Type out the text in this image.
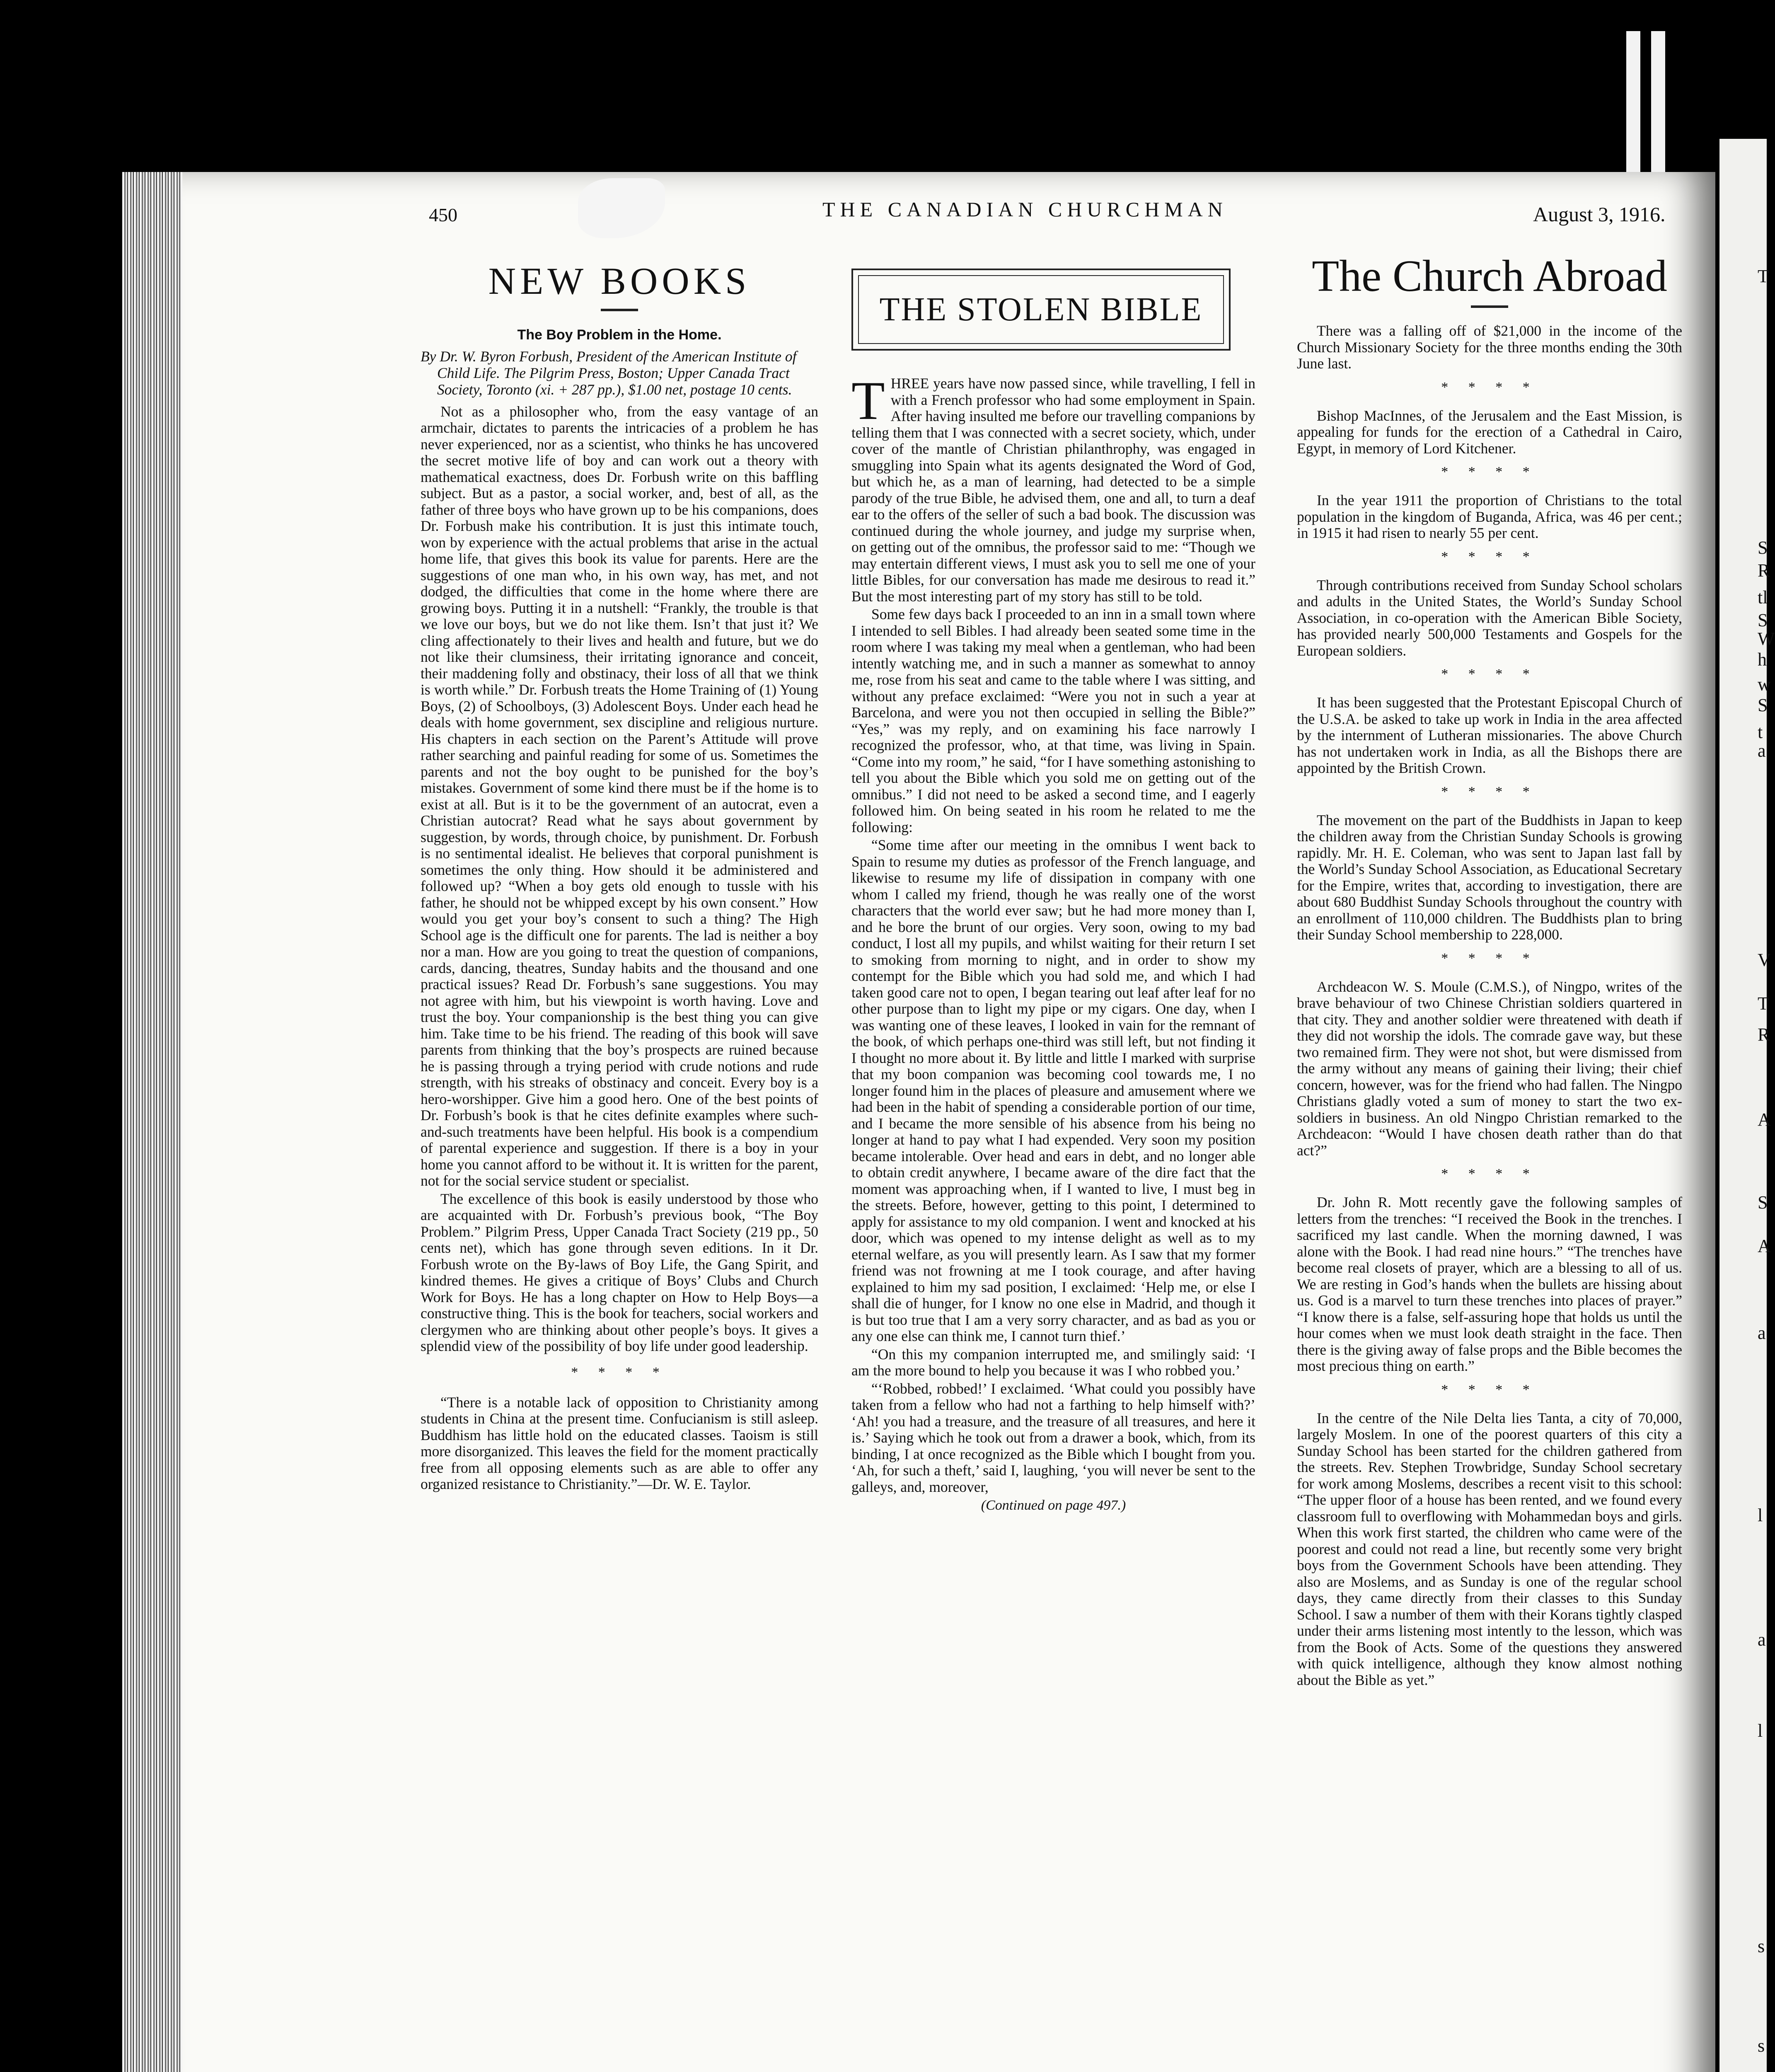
T
S
R
tl
S
W
h
w
S
t
a
V
T
R
A
S
A
a
l
a
l
s
s
450	THE CANADIAN CHURCHMAN	August 3, 1916.
NEW BOOKS
The Boy Problem in the Home.

By Dr. W. Byron Forbush, President of the American Institute of Child Life. The Pilgrim Press, Boston; Upper Canada Tract Society, Toronto (xi. + 287 pp.), $1.00 net, postage 10 cents.

Not as a philosopher who, from the easy vantage of an armchair, dictates to parents the intricacies of a problem he has never experienced, nor as a scientist, who thinks he has uncovered the secret motive life of boy and can work out a theory with mathematical exactness, does Dr. Forbush write on this baffling subject. But as a pastor, a social worker, and, best of all, as the father of three boys who have grown up to be his companions, does Dr. Forbush make his contribution. It is just this intimate touch, won by experience with the actual problems that arise in the actual home life, that gives this book its value for parents. Here are the suggestions of one man who, in his own way, has met, and not dodged, the difficulties that come in the home where there are growing boys. Putting it in a nutshell: “Frankly, the trouble is that we love our boys, but we do not like them. Isn’t that just it? We cling affectionately to their lives and health and future, but we do not like their clumsiness, their irritating ignorance and conceit, their maddening folly and obstinacy, their loss of all that we think is worth while.” Dr. Forbush treats the Home Training of (1) Young Boys, (2) of Schoolboys, (3) Adolescent Boys. Under each head he deals with home government, sex discipline and religious nurture. His chapters in each section on the Parent’s Attitude will prove rather searching and painful reading for some of us. Sometimes the parents and not the boy ought to be punished for the boy’s mistakes. Government of some kind there must be if the home is to exist at all. But is it to be the government of an autocrat, even a Christian autocrat? Read what he says about government by suggestion, by words, through choice, by punishment. Dr. Forbush is no sentimental idealist. He believes that corporal punishment is sometimes the only thing. How should it be administered and followed up? “When a boy gets old enough to tussle with his father, he should not be whipped except by his own consent.” How would you get your boy’s consent to such a thing? The High School age is the difficult one for parents. The lad is neither a boy nor a man. How are you going to treat the question of companions, cards, dancing, theatres, Sunday habits and the thousand and one practical issues? Read Dr. Forbush’s sane suggestions. You may not agree with him, but his viewpoint is worth having. Love and trust the boy. Your companionship is the best thing you can give him. Take time to be his friend. The reading of this book will save parents from thinking that the boy’s prospects are ruined because he is passing through a trying period with crude notions and rude strength, with his streaks of obstinacy and conceit. Every boy is a hero-worshipper. Give him a good hero. One of the best points of Dr. Forbush’s book is that he cites definite examples where such-and-such treatments have been helpful. His book is a compendium of parental experience and suggestion. If there is a boy in your home you cannot afford to be without it. It is written for the parent, not for the social service student or specialist.

The excellence of this book is easily understood by those who are acquainted with Dr. Forbush’s previous book, “The Boy Problem.” Pilgrim Press, Upper Canada Tract Society (219 pp., 50 cents net), which has gone through seven editions. In it Dr. Forbush wrote on the By-laws of Boy Life, the Gang Spirit, and kindred themes. He gives a critique of Boys’ Clubs and Church Work for Boys. He has a long chapter on How to Help Boys—a constructive thing. This is the book for teachers, social workers and clergymen who are thinking about other people’s boys. It gives a splendid view of the possibility of boy life under good leadership.

* * * *

“There is a notable lack of opposition to Christianity among students in China at the present time. Confucianism is still asleep. Buddhism has little hold on the educated classes. Taoism is still more disorganized. This leaves the field for the moment practically free from all opposing elements such as are able to offer any organized resistance to Christianity.”—Dr. W. E. Taylor.

THE STOLEN BIBLE

THREE years have now passed since, while travelling, I fell in with a French professor who had some employment in Spain. After having insulted me before our travelling companions by telling them that I was connected with a secret society, which, under cover of the mantle of Christian philanthrophy, was engaged in smuggling into Spain what its agents designated the Word of God, but which he, as a man of learning, had detected to be a simple parody of the true Bible, he advised them, one and all, to turn a deaf ear to the offers of the seller of such a bad book. The discussion was continued during the whole journey, and judge my surprise when, on getting out of the omnibus, the professor said to me: “Though we may entertain different views, I must ask you to sell me one of your little Bibles, for our conversation has made me desirous to read it.” But the most interesting part of my story has still to be told.

Some few days back I proceeded to an inn in a small town where I intended to sell Bibles. I had already been seated some time in the room where I was taking my meal when a gentleman, who had been intently watching me, and in such a manner as somewhat to annoy me, rose from his seat and came to the table where I was sitting, and without any preface exclaimed: “Were you not in such a year at Barcelona, and were you not then occupied in selling the Bible?” “Yes,” was my reply, and on examining his face narrowly I recognized the professor, who, at that time, was living in Spain. “Come into my room,” he said, “for I have something astonishing to tell you about the Bible which you sold me on getting out of the omnibus.” I did not need to be asked a second time, and I eagerly followed him. On being seated in his room he related to me the following:

“Some time after our meeting in the omnibus I went back to Spain to resume my duties as professor of the French language, and likewise to resume my life of dissipation in company with one whom I called my friend, though he was really one of the worst characters that the world ever saw; but he had more money than I, and he bore the brunt of our orgies. Very soon, owing to my bad conduct, I lost all my pupils, and whilst waiting for their return I set to smoking from morning to night, and in order to show my contempt for the Bible which you had sold me, and which I had taken good care not to open, I began tearing out leaf after leaf for no other purpose than to light my pipe or my cigars. One day, when I was wanting one of these leaves, I looked in vain for the remnant of the book, of which perhaps one-third was still left, but not finding it I thought no more about it. By little and little I marked with surprise that my boon companion was becoming cool towards me, I no longer found him in the places of pleasure and amusement where we had been in the habit of spending a considerable portion of our time, and I became the more sensible of his absence from his being no longer at hand to pay what I had expended. Very soon my position became intolerable. Over head and ears in debt, and no longer able to obtain credit anywhere, I became aware of the dire fact that the moment was approaching when, if I wanted to live, I must beg in the streets. Before, however, getting to this point, I determined to apply for assistance to my old companion. I went and knocked at his door, which was opened to my intense delight as well as to my eternal welfare, as you will presently learn. As I saw that my former friend was not frowning at me I took courage, and after having explained to him my sad position, I exclaimed: ‘Help me, or else I shall die of hunger, for I know no one else in Madrid, and though it is but too true that I am a very sorry character, and as bad as you or any one else can think me, I cannot turn thief.’

“On this my companion interrupted me, and smilingly said: ‘I am the more bound to help you because it was I who robbed you.’

“‘Robbed, robbed!’ I exclaimed. ‘What could you possibly have taken from a fellow who had not a farthing to help himself with?’ ‘Ah! you had a treasure, and the treasure of all treasures, and here it is.’ Saying which he took out from a drawer a book, which, from its binding, I at once recognized as the Bible which I bought from you. ‘Ah, for such a theft,’ said I, laughing, ‘you will never be sent to the galleys, and, moreover,

(Continued on page 497.)
The Church Abroad

There was a falling off of $21,000 in the income of the Church Missionary Society for the three months ending the 30th June last.

* * * *

Bishop MacInnes, of the Jerusalem and the East Mission, is appealing for funds for the erection of a Cathedral in Cairo, Egypt, in memory of Lord Kitchener.

* * * *

In the year 1911 the proportion of Christians to the total population in the kingdom of Buganda, Africa, was 46 per cent.; in 1915 it had risen to nearly 55 per cent.

* * * *

Through contributions received from Sunday School scholars and adults in the United States, the World’s Sunday School Association, in co-operation with the American Bible Society, has provided nearly 500,000 Testaments and Gospels for the European soldiers.

* * * *

It has been suggested that the Protestant Episcopal Church of the U.S.A. be asked to take up work in India in the area affected by the internment of Lutheran missionaries. The above Church has not undertaken work in India, as all the Bishops there are appointed by the British Crown.

* * * *

The movement on the part of the Buddhists in Japan to keep the children away from the Christian Sunday Schools is growing rapidly. Mr. H. E. Coleman, who was sent to Japan last fall by the World’s Sunday School Association, as Educational Secretary for the Empire, writes that, according to investigation, there are about 680 Buddhist Sunday Schools throughout the country with an enrollment of 110,000 children. The Buddhists plan to bring their Sunday School membership to 228,000.

* * * *

Archdeacon W. S. Moule (C.M.S.), of Ningpo, writes of the brave behaviour of two Chinese Christian soldiers quartered in that city. They and another soldier were threatened with death if they did not worship the idols. The comrade gave way, but these two remained firm. They were not shot, but were dismissed from the army without any means of gaining their living; their chief concern, however, was for the friend who had fallen. The Ningpo Christians gladly voted a sum of money to start the two ex-soldiers in business. An old Ningpo Christian remarked to the Archdeacon: “Would I have chosen death rather than do that act?”

* * * *

Dr. John R. Mott recently gave the following samples of letters from the trenches: “I received the Book in the trenches. I sacrificed my last candle. When the morning dawned, I was alone with the Book. I had read nine hours.” “The trenches have become real closets of prayer, which are a blessing to all of us. We are resting in God’s hands when the bullets are hissing about us. God is a marvel to turn these trenches into places of prayer.” “I know there is a false, self-assuring hope that holds us until the hour comes when we must look death straight in the face. Then there is the giving away of false props and the Bible becomes the most precious thing on earth.”

* * * *

In the centre of the Nile Delta lies Tanta, a city of 70,000, largely Moslem. In one of the poorest quarters of this city a Sunday School has been started for the children gathered from the streets. Rev. Stephen Trowbridge, Sunday School secretary for work among Moslems, describes a recent visit to this school: “The upper floor of a house has been rented, and we found every classroom full to overflowing with Mohammedan boys and girls. When this work first started, the children who came were of the poorest and could not read a line, but recently some very bright boys from the Government Schools have been attending. They also are Moslems, and as Sunday is one of the regular school days, they came directly from their classes to this Sunday School. I saw a number of them with their Korans tightly clasped under their arms listening most intently to the lesson, which was from the Book of Acts. Some of the questions they answered with quick intelligence, although they know almost nothing about the Bible as yet.”
